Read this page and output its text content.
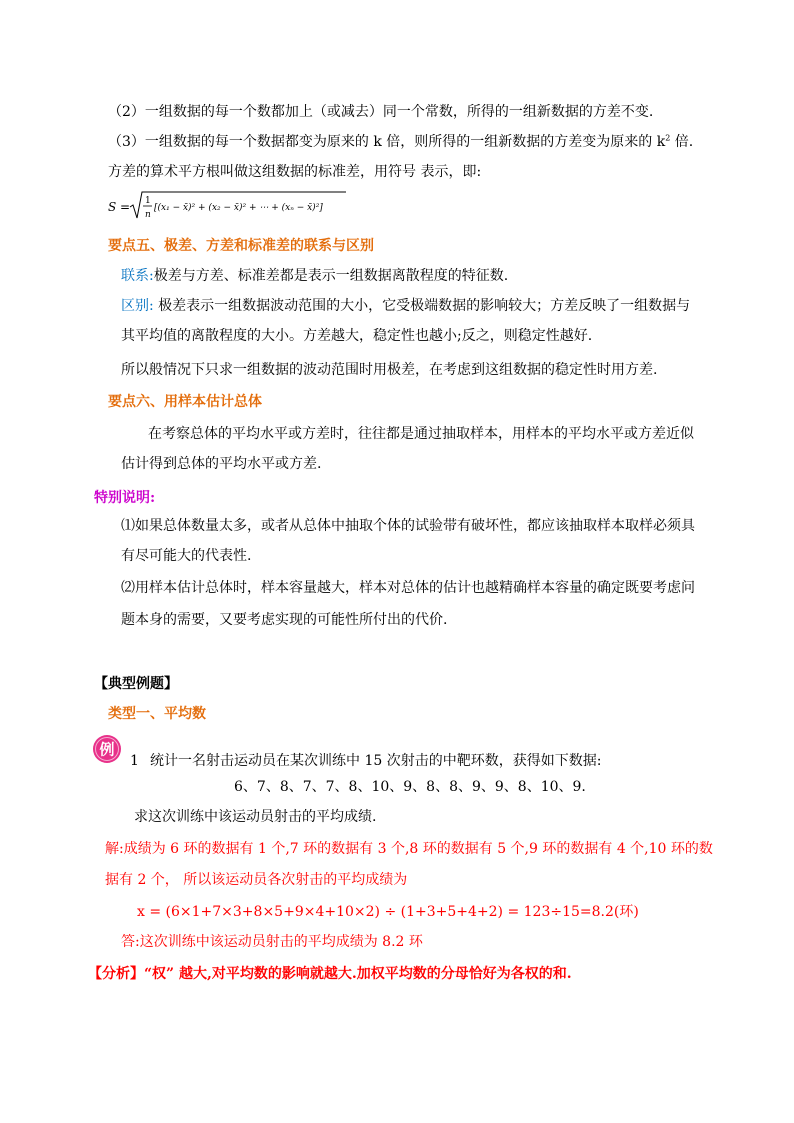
（2）一组数据的每一个数都加上（或减去）同一个常数，所得的一组新数据的方差不变.
（3）一组数据的每一个数据都变为原来的 k 倍，则所得的一组新数据的方差变为原来的 $k^2$ 倍.
方差的算术平方根叫做这组数据的标准差，用符号 表示，即:
S = 1
n
[(x₁ − x̄)² + (x₂ − x̄)² + ⋯ + (xₙ − x̄)²]
要点五、极差、方差和标准差的联系与区别
联系:极差与方差、标准差都是表示一组数据离散程度的特征数.
区别: 极差表示一组数据波动范围的大小，它受极端数据的影响较大；方差反映了一组数据与
其平均值的离散程度的大小。方差越大，稳定性也越小;反之，则稳定性越好.
所以般情况下只求一组数据的波动范围时用极差，在考虑到这组数据的稳定性时用方差.
要点六、用样本估计总体
在考察总体的平均水平或方差时，往往都是通过抽取样本，用样本的平均水平或方差近似
估计得到总体的平均水平或方差.
特别说明:
⑴如果总体数量太多，或者从总体中抽取个体的试验带有破坏性，都应该抽取样本取样必须具
有尽可能大的代表性.
⑵用样本估计总体时，样本容量越大，样本对总体的估计也越精确样本容量的确定既要考虑问
题本身的需要，又要考虑实现的可能性所付出的代价.
【典型例题】
类型一、平均数
例
1 统计一名射击运动员在某次训练中 15 次射击的中靶环数，获得如下数据:
6、7、8、7、7、8、10、9、8、8、9、9、8、10、9.
求这次训练中该运动员射击的平均成绩.
解:成绩为 6 环的数据有 1 个,7 环的数据有 3 个,8 环的数据有 5 个,9 环的数据有 4 个,10 环的数
据有 2 个， 所以该运动员各次射击的平均成绩为
x = (6×1+7×3+8×5+9×4+10×2) ÷ (1+3+5+4+2) = 123÷15=8.2(环)
答:这次训练中该运动员射击的平均成绩为 8.2 环
【分析】“权” 越大,对平均数的影响就越大.加权平均数的分母恰好为各权的和.
